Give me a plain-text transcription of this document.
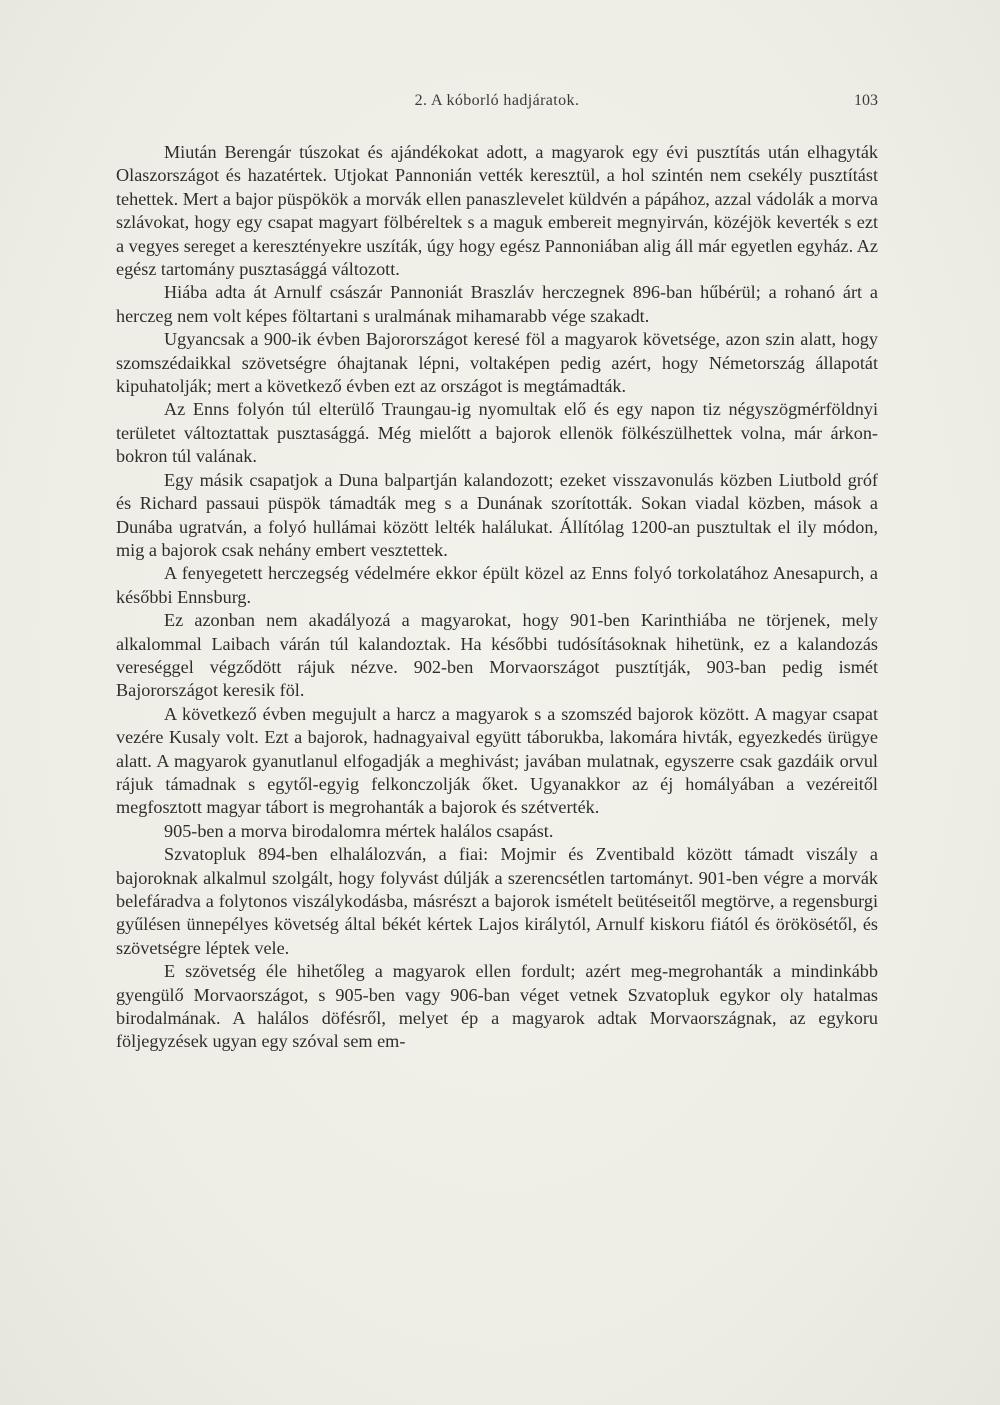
2. A kóborló hadjáratok.	103

Miután Berengár túszokat és ajándékokat adott, a magyarok egy évi pusztítás után elhagyták Olaszországot és hazatértek. Utjokat Pannonián vették keresztül, a hol szintén nem csekély pusztítást tehettek. Mert a bajor püspökök a morvák ellen panaszlevelet küldvén a pápához, azzal vádolák a morva szlávokat, hogy egy csapat magyart fölbéreltek s a maguk embereit megnyirván, közéjök keverték s ezt a vegyes sereget a keresztényekre uszíták, úgy hogy egész Pannoniában alig áll már egyetlen egyház. Az egész tartomány pusztasággá változott.

Hiába adta át Arnulf császár Pannoniát Braszláv herczegnek 896-ban hűbérül; a rohanó árt a herczeg nem volt képes föltartani s uralmának mihamarabb vége szakadt.

Ugyancsak a 900-ik évben Bajorországot keresé föl a magyarok követsége, azon szin alatt, hogy szomszédaikkal szövetségre óhajtanak lépni, voltaképen pedig azért, hogy Németország állapotát kipuhatolják; mert a következő évben ezt az országot is megtámadták.

Az Enns folyón túl elterülő Traungau-ig nyomultak elő és egy napon tiz négyszögmérföldnyi területet változtattak pusztasággá. Még mielőtt a bajorok ellenök fölkészülhettek volna, már árkon-bokron túl valának.

Egy másik csapatjok a Duna balpartján kalandozott; ezeket visszavonulás közben Liutbold gróf és Richard passaui püspök támadták meg s a Dunának szorították. Sokan viadal közben, mások a Dunába ugratván, a folyó hullámai között lelték halálukat. Állítólag 1200-an pusztultak el ily módon, mig a bajorok csak nehány embert vesztettek.

A fenyegetett herczegség védelmére ekkor épült közel az Enns folyó torkolatához Anesapurch, a későbbi Ennsburg.

Ez azonban nem akadályozá a magyarokat, hogy 901-ben Karinthiába ne törjenek, mely alkalommal Laibach várán túl kalandoztak. Ha későbbi tudósításoknak hihetünk, ez a kalandozás vereséggel végződött rájuk nézve. 902-ben Morvaországot pusztítják, 903-ban pedig ismét Bajorországot keresik föl.

A következő évben megujult a harcz a magyarok s a szomszéd bajorok között. A magyar csapat vezére Kusaly volt. Ezt a bajorok, hadnagyaival együtt táborukba, lakomára hivták, egyezkedés ürügye alatt. A magyarok gyanutlanul elfogadják a meghivást; javában mulatnak, egyszerre csak gazdáik orvul rájuk támadnak s egytől-egyig felkonczolják őket. Ugyanakkor az éj homályában a vezéreitől megfosztott magyar tábort is megrohanták a bajorok és szétverték.

905-ben a morva birodalomra mértek halálos csapást.

Szvatopluk 894-ben elhalálozván, a fiai: Mojmir és Zventibald között támadt viszály a bajoroknak alkalmul szolgált, hogy folyvást dúlják a szerencsétlen tartományt. 901-ben végre a morvák belefáradva a folytonos viszálykodásba, másrészt a bajorok ismételt beütéseitől megtörve, a regensburgi gyűlésen ünnepélyes követség által békét kértek Lajos királytól, Arnulf kiskoru fiától és örökösétől, és szövetségre léptek vele.

E szövetség éle hihetőleg a magyarok ellen fordult; azért meg-megrohanták a mindinkább gyengülő Morvaországot, s 905-ben vagy 906-ban véget vetnek Szvatopluk egykor oly hatalmas birodalmának. A halálos döfésről, melyet ép a magyarok adtak Morvaországnak, az egykoru följegyzések ugyan egy szóval sem em-
